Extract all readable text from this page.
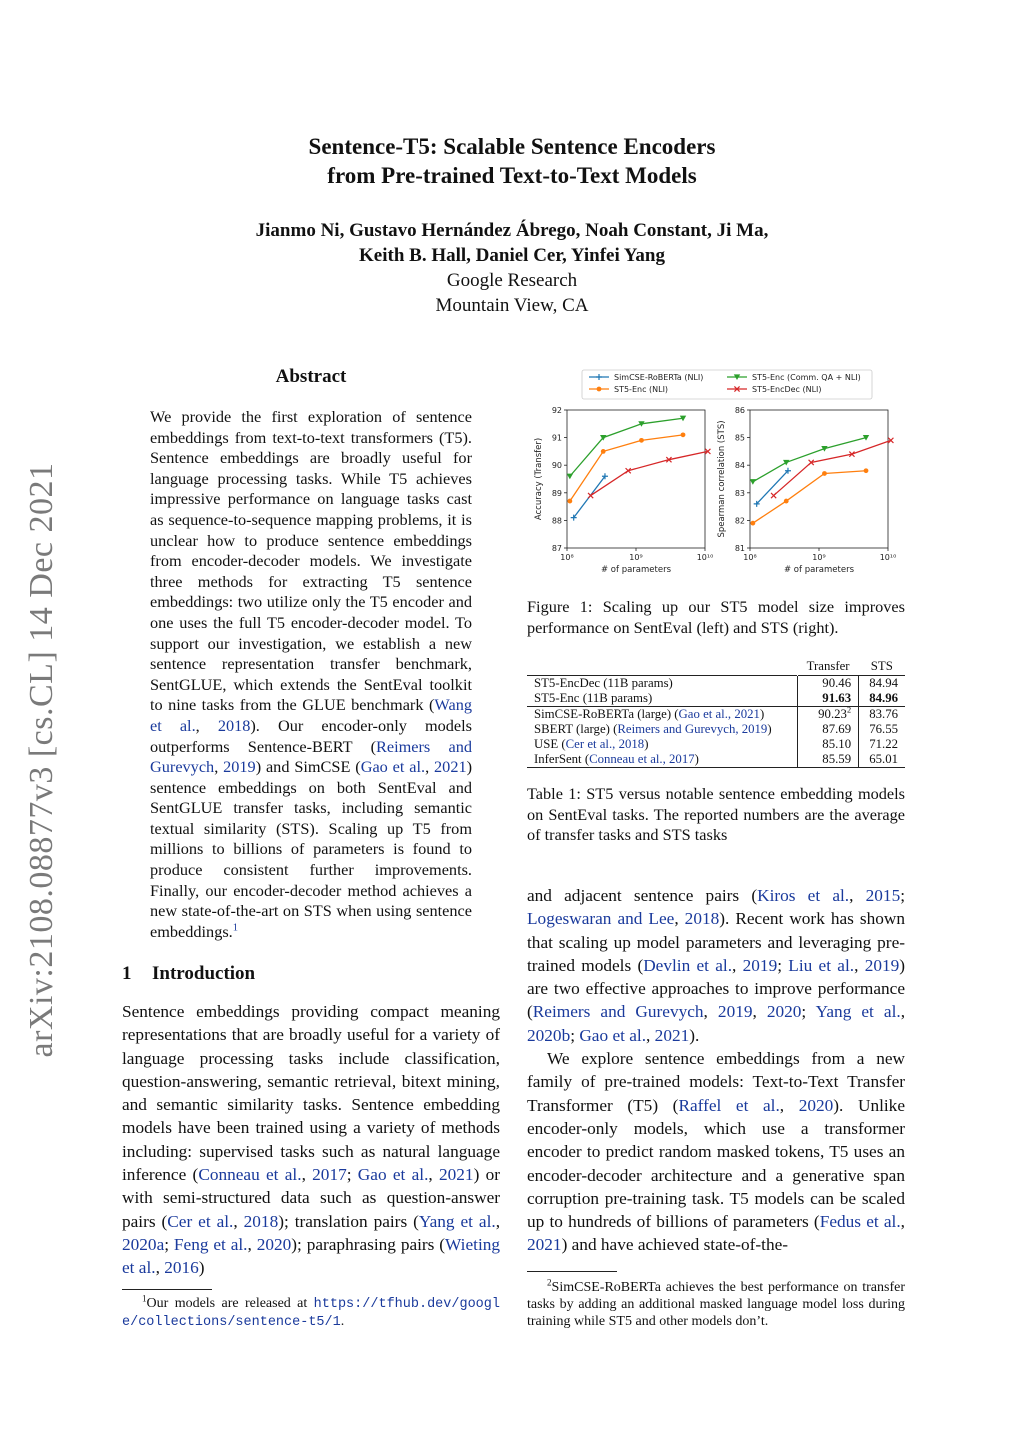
arXiv:2108.08877v3 [cs.CL] 14 Dec 2021
Sentence-T5: Scalable Sentence Encoders
from Pre-trained Text-to-Text Models
Jianmo Ni, Gustavo Hernández Ábrego, Noah Constant, Ji Ma,
Keith B. Hall, Daniel Cer, Yinfei Yang
Google Research
Mountain View, CA
Abstract
We provide the first exploration of sentence embeddings from text-to-text transformers (T5). Sentence embeddings are broadly useful for language processing tasks. While T5 achieves impressive performance on language tasks cast as sequence-to-sequence mapping problems, it is unclear how to produce sentence embeddings from encoder-decoder models. We investigate three methods for extracting T5 sentence embeddings: two utilize only the T5 encoder and one uses the full T5 encoder-decoder model. To support our investigation, we establish a new sentence representation transfer benchmark, SentGLUE, which extends the SentEval toolkit to nine tasks from the GLUE benchmark (Wang et al., 2018). Our encoder-only models outperforms Sentence-BERT (Reimers and Gurevych, 2019) and SimCSE (Gao et al., 2021) sentence embeddings on both SentEval and SentGLUE transfer tasks, including semantic textual similarity (STS). Scaling up T5 from millions to billions of parameters is found to produce consistent further improvements. Finally, our encoder-decoder method achieves a new state-of-the-art on STS when using sentence embeddings.$^1$
1 Introduction
Sentence embeddings providing compact meaning representations that are broadly useful for a variety of language processing tasks include classification, question-answering, semantic retrieval, bitext mining, and semantic similarity tasks. Sentence embedding models have been trained using a variety of methods including: supervised tasks such as natural language inference (Conneau et al., 2017; Gao et al., 2021) or with semi-structured data such as question-answer pairs (Cer et al., 2018); translation pairs (Yang et al., 2020a; Feng et al., 2020); paraphrasing pairs (Wieting et al., 2016)
$^1$Our models are released at https://tfhub.dev/google/collections/sentence-t5/1.
SimCSE-RoBERTa (NLI)
ST5-Enc (NLI)
ST5-Enc (Comm. QA + NLI)
ST5-EncDec (NLI)
87
88
89
90
91
92
10⁸	10⁹	10¹⁰
# of parameters
Accuracy (Transfer)
81
82
83
84
85
86
10⁸	10⁹	10¹⁰
# of parameters
Spearman correlation (STS)
Figure 1: Scaling up our ST5 model size improves performance on SentEval (left) and STS (right).
	Transfer	STS
ST5-EncDec (11B params)	90.46	84.94
ST5-Enc (11B params)	91.63	84.96
SimCSE-RoBERTa (large) (Gao et al., 2021)	90.23$^2$	83.76
SBERT (large) (Reimers and Gurevych, 2019)	87.69	76.55
USE (Cer et al., 2018)	85.10	71.22
InferSent (Conneau et al., 2017)	85.59	65.01
Table 1: ST5 versus notable sentence embedding models on SentEval tasks. The reported numbers are the average of transfer tasks and STS tasks

and adjacent sentence pairs (Kiros et al., 2015; Logeswaran and Lee, 2018). Recent work has shown that scaling up model parameters and leveraging pre-trained models (Devlin et al., 2019; Liu et al., 2019) are two effective approaches to improve performance (Reimers and Gurevych, 2019, 2020; Yang et al., 2020b; Gao et al., 2021).

We explore sentence embeddings from a new family of pre-trained models: Text-to-Text Transfer Transformer (T5) (Raffel et al., 2020). Unlike encoder-only models, which use a transformer encoder to predict random masked tokens, T5 uses an encoder-decoder architecture and a generative span corruption pre-training task. T5 models can be scaled up to hundreds of billions of parameters (Fedus et al., 2021) and have achieved state-of-the-

$^2$SimCSE-RoBERTa achieves the best performance on transfer tasks by adding an additional masked language model loss during training while ST5 and other models don’t.
